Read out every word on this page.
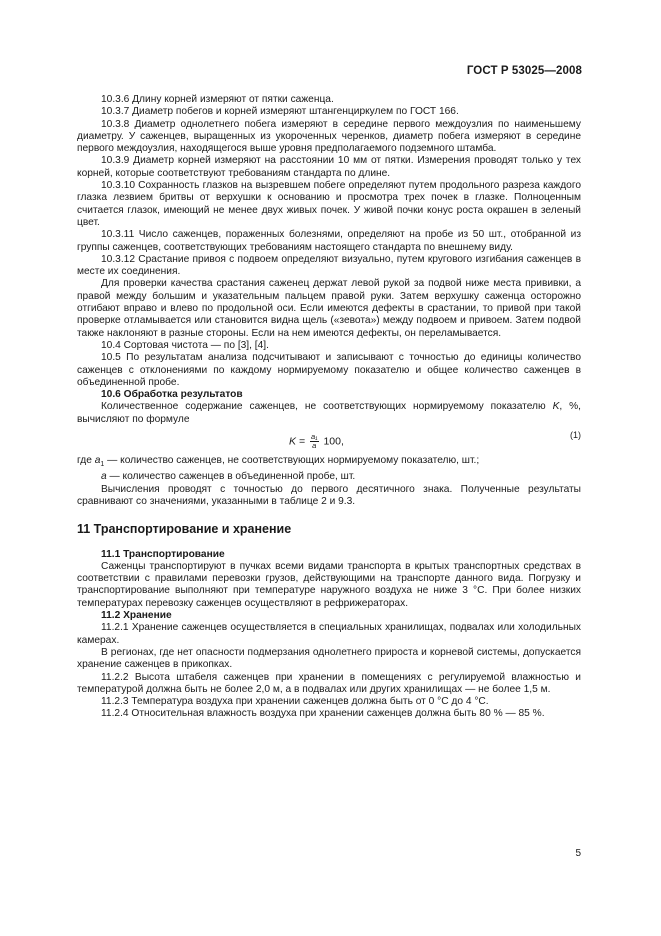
ГОСТ Р 53025—2008

10.3.6 Длину корней измеряют от пятки саженца.

10.3.7 Диаметр побегов и корней измеряют штангенциркулем по ГОСТ 166.

10.3.8 Диаметр однолетнего побега измеряют в середине первого междоузлия по наименьшему диаметру. У саженцев, выращенных из укороченных черенков, диаметр побега измеряют в середине первого междоузлия, находящегося выше уровня предполагаемого подземного штамба.

10.3.9 Диаметр корней измеряют на расстоянии 10 мм от пятки. Измерения проводят только у тех корней, которые соответствуют требованиям стандарта по длине.

10.3.10 Сохранность глазков на вызревшем побеге определяют путем продольного разреза каждого глазка лезвием бритвы от верхушки к основанию и просмотра трех почек в глазке. Полноценным считается глазок, имеющий не менее двух живых почек. У живой почки конус роста окрашен в зеленый цвет.

10.3.11 Число саженцев, пораженных болезнями, определяют на пробе из 50 шт., отобранной из группы саженцев, соответствующих требованиям настоящего стандарта по внешнему виду.

10.3.12 Срастание привоя с подвоем определяют визуально, путем кругового изгибания саженцев в месте их соединения.

Для проверки качества срастания саженец держат левой рукой за подвой ниже места прививки, а правой между большим и указательным пальцем правой руки. Затем верхушку саженца осторожно отгибают вправо и влево по продольной оси. Если имеются дефекты в срастании, то привой при такой проверке отламывается или становится видна щель («зевота») между подвоем и привоем. Затем подвой также наклоняют в разные стороны. Если на нем имеются дефекты, он переламывается.

10.4 Сортовая чистота — по [3], [4].

10.5 По результатам анализа подсчитывают и записывают с точностью до единицы количество саженцев с отклонениями по каждому нормируемому показателю и общее количество саженцев в объединенной пробе.

10.6 Обработка результатов

Количественное содержание саженцев, не соответствующих нормируемому показателю K, %, вычисляют по формуле

$K = \frac{\text{a₁}}{a} 100$,
(1)

где $a_1$ — количество саженцев, не соответствующих нормируемому показателю, шт.;

a — количество саженцев в объединенной пробе, шт.

Вычисления проводят с точностью до первого десятичного знака. Полученные результаты сравнивают со значениями, указанными в таблице 2 и 9.3.

11 Транспортирование и хранение

11.1 Транспортирование

Саженцы транспортируют в пучках всеми видами транспорта в крытых транспортных средствах в соответствии с правилами перевозки грузов, действующими на транспорте данного вида. Погрузку и транспортирование выполняют при температуре наружного воздуха не ниже 3 °С. При более низких температурах перевозку саженцев осуществляют в рефрижераторах.

11.2 Хранение

11.2.1 Хранение саженцев осуществляется в специальных хранилищах, подвалах или холодильных камерах.

В регионах, где нет опасности подмерзания однолетнего прироста и корневой системы, допускается хранение саженцев в прикопках.

11.2.2 Высота штабеля саженцев при хранении в помещениях с регулируемой влажностью и температурой должна быть не более 2,0 м, а в подвалах или других хранилищах — не более 1,5 м.

11.2.3 Температура воздуха при хранении саженцев должна быть от 0 °С до 4 °С.

11.2.4 Относительная влажность воздуха при хранении саженцев должна быть 80 % — 85 %.

5
